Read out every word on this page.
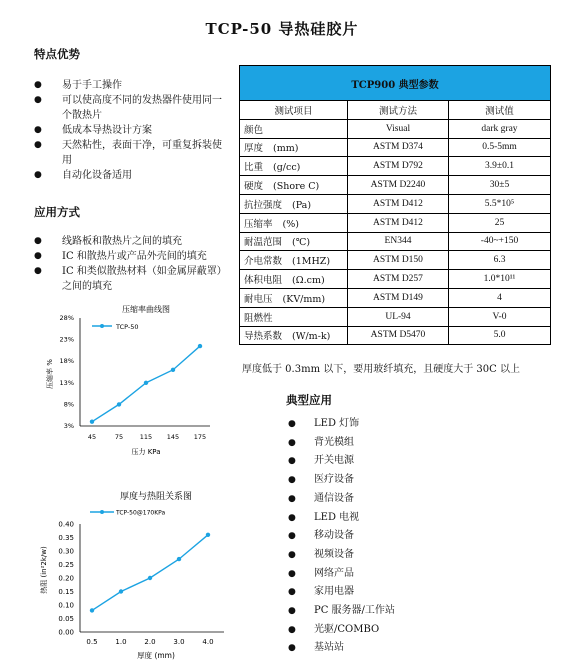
TCP-50 导热硅胶片
特点优势
● 易于手工操作
● 可以使高度不同的发热器件使用同一个散热片
● 低成本导热设计方案
● 天然粘性，表面干净，可重复拆装使用
● 自动化设备适用
应用方式
● 线路板和散热片之间的填充
● IC 和散热片或产品外壳间的填充
● IC 和类似散热材料（如金属屏蔽罩）之间的填充
压缩率曲线图
压缩率 %
压力 KPa
TCP-50
28%
23%
18%
13%
8%
3%
45	75	115 145 175
厚度与热阻关系图
热阻 (in²2k/w)
厚度 (mm)
TCP-50@170KPa
0.40
0.35
0.30
0.25
0.20
0.15
0.10
0.05
0.00
0.5	1.0	2.0	3.0	4.0
TCP900 典型参数		
测试项目	测试方法	测试值
颜色	Visual	dark gray
厚度 (mm)	ASTM D374	0.5-5mm
比重 (g/cc)	ASTM D792	3.9±0.1
硬度 (Shore C)	ASTM D2240	30±5
抗拉强度 (Pa)	ASTM D412	5.5*10⁵
压缩率 (%)	ASTM D412	25
耐温范围 (℃)	EN344	-40~+150
介电常数 (1MHZ)	ASTM D150	6.3
体积电阻 (Ω.cm)	ASTM D257	1.0*10¹¹
耐电压 (KV/mm)	ASTM D149	4
阻燃性	UL-94	V-0
导热系数 (W/m-k)	ASTM D5470	5.0
厚度低于 0.3mm 以下，要用玻纤填充，且硬度大于 30C 以上
典型应用
● LED 灯饰
● 背光模组
● 开关电源
● 医疗设备
● 通信设备
● LED 电视
● 移动设备
● 视频设备
● 网络产品
● 家用电器
● PC 服务器/工作站
● 光驱/COMBO
● 基站站
